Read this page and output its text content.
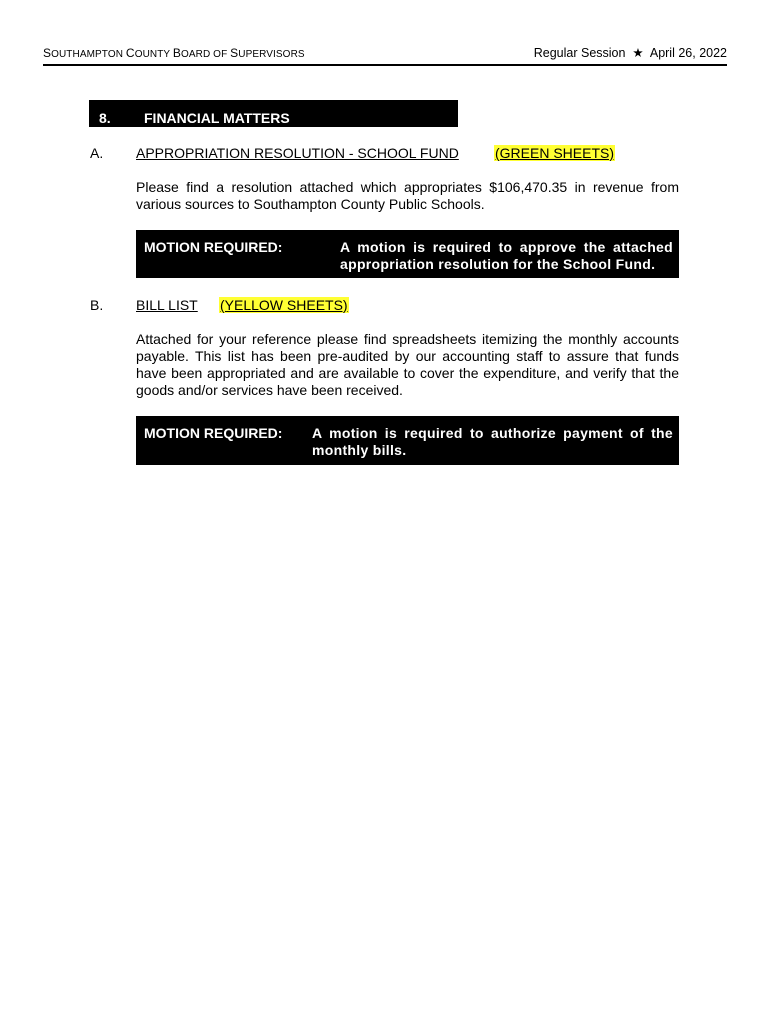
SOUTHAMPTON COUNTY BOARD OF SUPERVISORS	Regular Session  ★  April 26, 2022
8. FINANCIAL MATTERS
A. APPROPRIATION RESOLUTION - SCHOOL FUND	(GREEN SHEETS)
Please find a resolution attached which appropriates $106,470.35 in revenue from various sources to Southampton County Public Schools.
MOTION REQUIRED:	A motion is required to approve the attached appropriation resolution for the School Fund.
B. BILL LIST (YELLOW SHEETS)
Attached for your reference please find spreadsheets itemizing the monthly accounts payable. This list has been pre-audited by our accounting staff to assure that funds have been appropriated and are available to cover the expenditure, and verify that the goods and/or services have been received.
MOTION REQUIRED: A motion is required to authorize payment of the monthly bills.
